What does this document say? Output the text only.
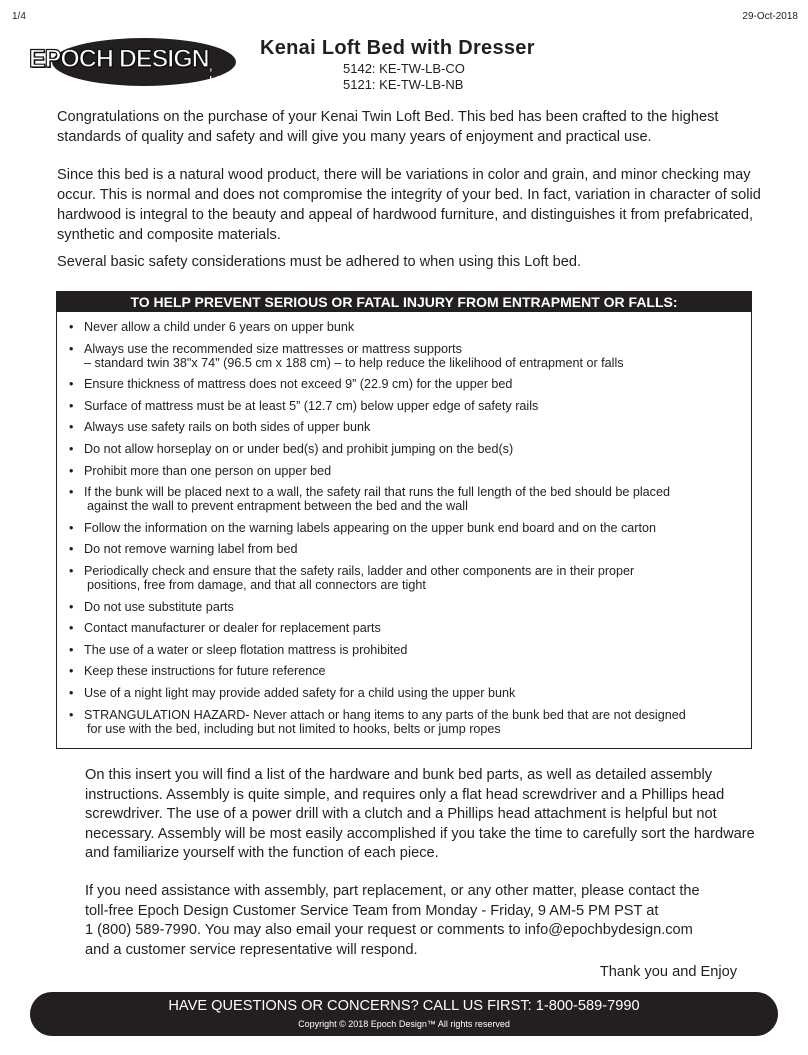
1/4	29-Oct-2018
EPOCH DESIGN , LLC
Kenai Loft Bed with Dresser
5142: KE-TW-LB-CO
5121: KE-TW-LB-NB

Congratulations on the purchase of your Kenai Twin Loft Bed. This bed has been crafted to the highest standards of quality and safety and will give you many years of enjoyment and practical use.

Since this bed is a natural wood product, there will be variations in color and grain, and minor checking may occur. This is normal and does not compromise the integrity of your bed. In fact, variation in character of solid hardwood is integral to the beauty and appeal of hardwood furniture, and distinguishes it from prefabricated, synthetic and composite materials.

Several basic safety considerations must be adhered to when using this Loft bed.

TO HELP PREVENT SERIOUS OR FATAL INJURY FROM ENTRAPMENT OR FALLS:
• Never allow a child under 6 years on upper bunk
• Always use the recommended size mattresses or mattress supports
– standard twin 38"x 74" (96.5 cm x 188 cm) – to help reduce the likelihood of entrapment or falls
• Ensure thickness of mattress does not exceed 9” (22.9 cm) for the upper bed
• Surface of mattress must be at least 5” (12.7 cm) below upper edge of safety rails
• Always use safety rails on both sides of upper bunk
• Do not allow horseplay on or under bed(s) and prohibit jumping on the bed(s)
• Prohibit more than one person on upper bed
• If the bunk will be placed next to a wall, the safety rail that runs the full length of the bed should be placed
against the wall to prevent entrapment between the bed and the wall
• Follow the information on the warning labels appearing on the upper bunk end board and on the carton
• Do not remove warning label from bed
• Periodically check and ensure that the safety rails, ladder and other components are in their proper
positions, free from damage, and that all connectors are tight
• Do not use substitute parts
• Contact manufacturer or dealer for replacement parts
• The use of a water or sleep flotation mattress is prohibited
• Keep these instructions for future reference
• Use of a night light may provide added safety for a child using the upper bunk
• STRANGULATION HAZARD- Never attach or hang items to any parts of the bunk bed that are not designed
for use with the bed, including but not limited to hooks, belts or jump ropes

On this insert you will find a list of the hardware and bunk bed parts, as well as detailed assembly instructions. Assembly is quite simple, and requires only a flat head screwdriver and a Phillips head screwdriver. The use of a power drill with a clutch and a Phillips head attachment is helpful but not necessary. Assembly will be most easily accomplished if you take the time to carefully sort the hardware and familiarize yourself with the function of each piece.

If you need assistance with assembly, part replacement, or any other matter, please contact the
toll-free Epoch Design Customer Service Team from Monday - Friday, 9 AM-5 PM PST at
1 (800) 589-7990. You may also email your request or comments to info@epochbydesign.com
and a customer service representative will respond.
Thank you and Enjoy
HAVE QUESTIONS OR CONCERNS? CALL US FIRST: 1-800-589-7990
Copyright © 2018 Epoch Design™ All rights reserved
